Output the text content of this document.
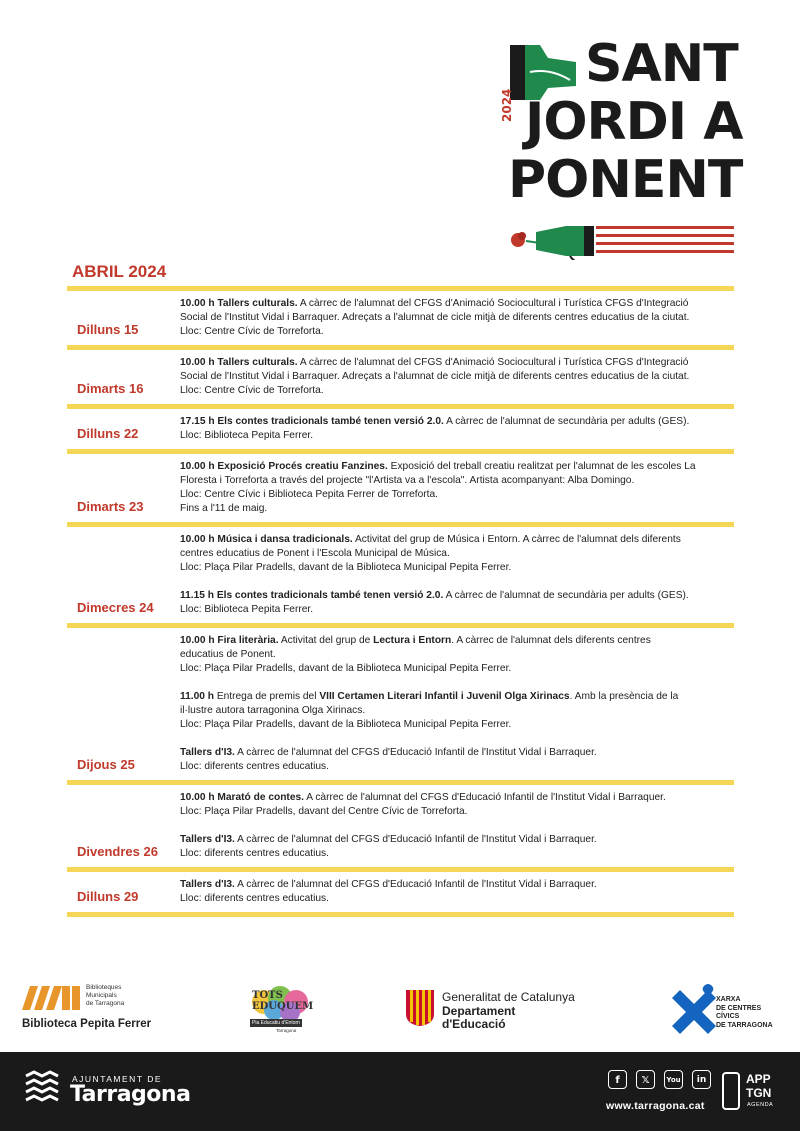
SANT
JORDI A
PONENT
2024
ABRIL 2024
Dilluns 15
10.00 h Tallers culturals. A càrrec de l'alumnat del CFGS d'Animació Sociocultural i Turística CFGS d'Integració
Social de l'Institut Vidal i Barraquer. Adreçats a l'alumnat de cicle mitjà de diferents centres educatius de la ciutat.
Lloc: Centre Cívic de Torreforta.
Dimarts 16
10.00 h Tallers culturals. A càrrec de l'alumnat del CFGS d'Animació Sociocultural i Turística CFGS d'Integració
Social de l'Institut Vidal i Barraquer. Adreçats a l'alumnat de cicle mitjà de diferents centres educatius de la ciutat.
Lloc: Centre Cívic de Torreforta.
Dilluns 22
17.15 h Els contes tradicionals també tenen versió 2.0. A càrrec de l'alumnat de secundària per adults (GES).
Lloc: Biblioteca Pepita Ferrer.
Dimarts 23
10.00 h Exposició Procés creatiu Fanzines. Exposició del treball creatiu realitzat per l'alumnat de les escoles La
Floresta i Torreforta a través del projecte "l'Artista va a l'escola". Artista acompanyant: Alba Domingo.
Lloc: Centre Cívic i Biblioteca Pepita Ferrer de Torreforta.
Fins a l'11 de maig.
Dimecres 24
10.00 h Música i dansa tradicionals. Activitat del grup de Música i Entorn. A càrrec de l'alumnat dels diferents
centres educatius de Ponent i l'Escola Municipal de Música.
Lloc: Plaça Pilar Pradells, davant de la Biblioteca Municipal Pepita Ferrer.
11.15 h Els contes tradicionals també tenen versió 2.0. A càrrec de l'alumnat de secundària per adults (GES).
Lloc: Biblioteca Pepita Ferrer.
Dijous 25
10.00 h Fira literària. Activitat del grup de Lectura i Entorn. A càrrec de l'alumnat dels diferents centres
educatius de Ponent.
Lloc: Plaça Pilar Pradells, davant de la Biblioteca Municipal Pepita Ferrer.
11.00 h Entrega de premis del VIII Certamen Literari Infantil i Juvenil Olga Xirinacs. Amb la presència de la
il·lustre autora tarragonina Olga Xirinacs.
Lloc: Plaça Pilar Pradells, davant de la Biblioteca Municipal Pepita Ferrer.
Tallers d'I3. A càrrec de l'alumnat del CFGS d'Educació Infantil de l'Institut Vidal i Barraquer.
Lloc: diferents centres educatius.
Divendres 26
10.00 h Marató de contes. A càrrec de l'alumnat del CFGS d'Educació Infantil de l'Institut Vidal i Barraquer.
Lloc: Plaça Pilar Pradells, davant del Centre Cívic de Torreforta.
Tallers d'I3. A càrrec de l'alumnat del CFGS d'Educació Infantil de l'Institut Vidal i Barraquer.
Lloc: diferents centres educatius.
Dilluns 29
Tallers d'I3. A càrrec de l'alumnat del CFGS d'Educació Infantil de l'Institut Vidal i Barraquer.
Lloc: diferents centres educatius.
Biblioteques
Municipals
de Tarragona
Biblioteca Pepita Ferrer
TOTS EDUQUEM
Pla Educatiu d'Entorn
Tarragona
Generalitat de Catalunya
Departament
d'Educació
XARXA
DE CENTRES
CÍVICS
DE TARRAGONA
AJUNTAMENT DE
Tarragona
f	𝕏	You	in
www.tarragona.cat
APP
TGN
AGENDA
